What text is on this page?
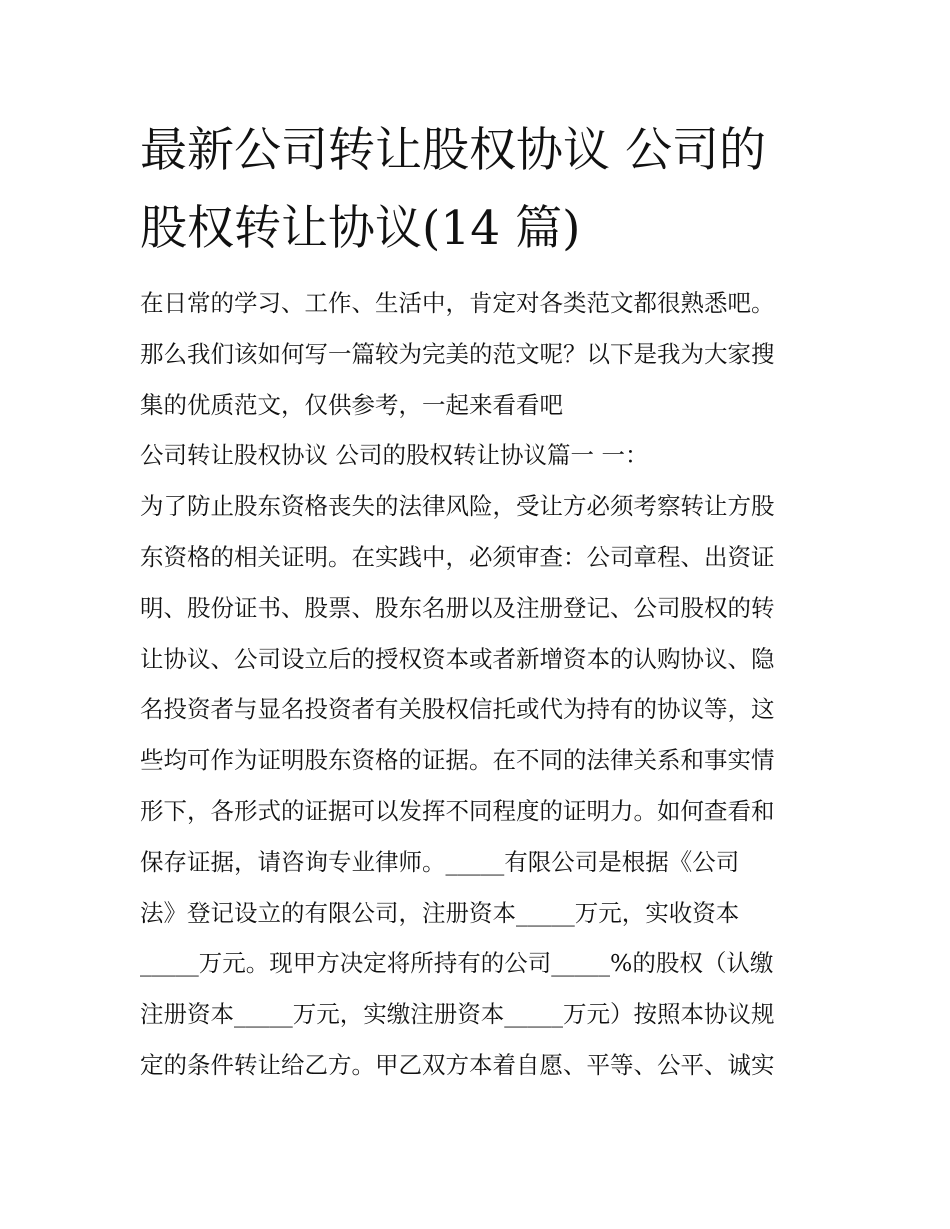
最新公司转让股权协议 公司的
股权转让协议(14 篇)
在日常的学习、工作、生活中，肯定对各类范文都很熟悉吧。
那么我们该如何写一篇较为完美的范文呢？以下是我为大家搜
集的优质范文，仅供参考，一起来看看吧
公司转让股权协议 公司的股权转让协议篇一 一：
为了防止股东资格丧失的法律风险，受让方必须考察转让方股
东资格的相关证明。在实践中，必须审查：公司章程、出资证
明、股份证书、股票、股东名册以及注册登记、公司股权的转
让协议、公司设立后的授权资本或者新增资本的认购协议、隐
名投资者与显名投资者有关股权信托或代为持有的协议等，这
些均可作为证明股东资格的证据。在不同的法律关系和事实情
形下，各形式的证据可以发挥不同程度的证明力。如何查看和
保存证据，请咨询专业律师。_____有限公司是根据《公司
法》登记设立的有限公司，注册资本_____万元，实收资本
_____万元。现甲方决定将所持有的公司_____%的股权（认缴
注册资本_____万元，实缴注册资本_____万元）按照本协议规
定的条件转让给乙方。甲乙双方本着自愿、平等、公平、诚实
